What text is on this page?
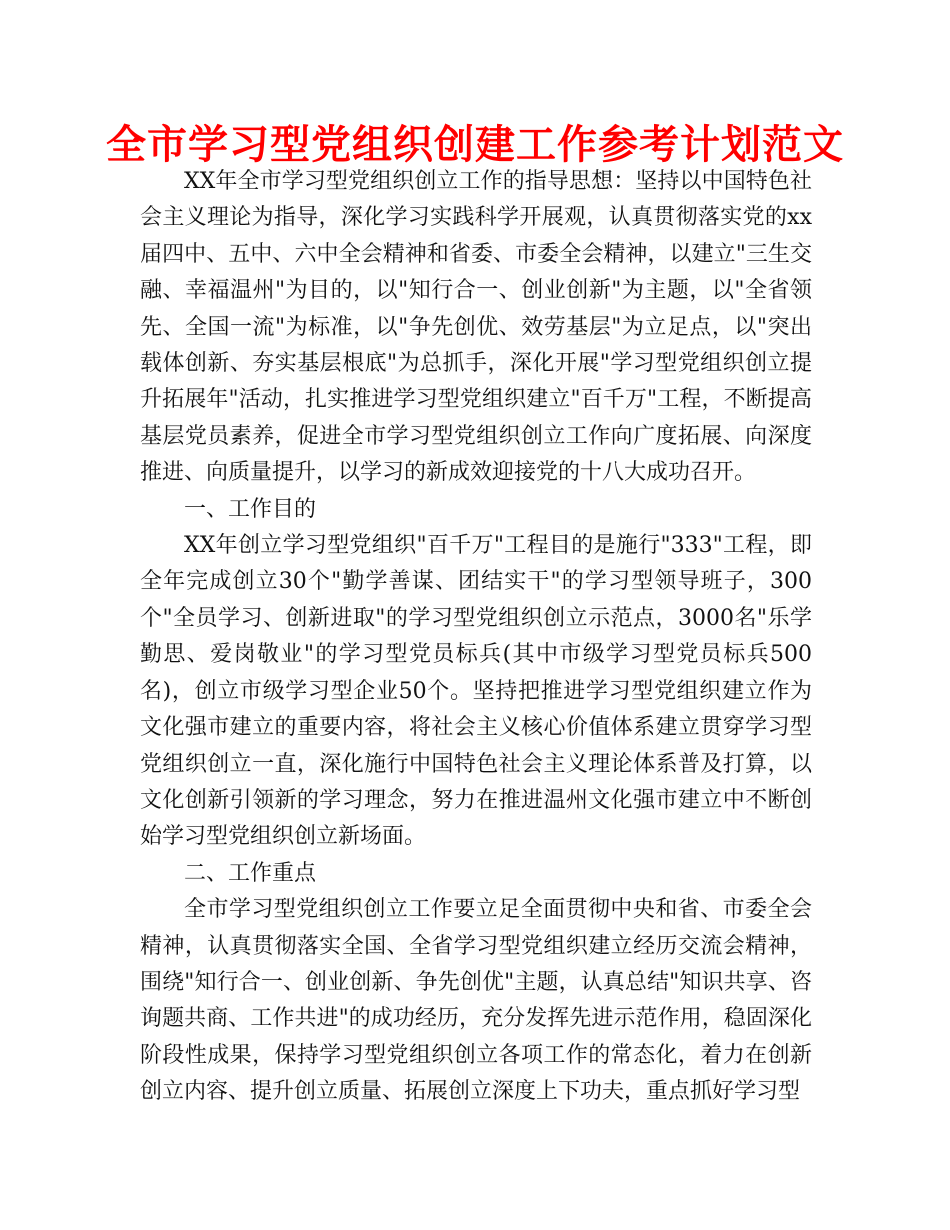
全市学习型党组织创建工作参考计划范文

XX年全市学习型党组织创立工作的指导思想：坚持以中国特色社会主义理论为指导，深化学习实践科学开展观，认真贯彻落实党的xx届四中、五中、六中全会精神和省委、市委全会精神，以建立"三生交融、幸福温州"为目的，以"知行合一、创业创新"为主题，以"全省领先、全国一流"为标准，以"争先创优、效劳基层"为立足点，以"突出载体创新、夯实基层根底"为总抓手，深化开展"学习型党组织创立提升拓展年"活动，扎实推进学习型党组织建立"百千万"工程，不断提高基层党员素养，促进全市学习型党组织创立工作向广度拓展、向深度推进、向质量提升，以学习的新成效迎接党的十八大成功召开。

一、工作目的

XX年创立学习型党组织"百千万"工程目的是施行"333"工程，即全年完成创立30个"勤学善谋、团结实干"的学习型领导班子，300个"全员学习、创新进取"的学习型党组织创立示范点，3000名"乐学勤思、爱岗敬业"的学习型党员标兵(其中市级学习型党员标兵500名)，创立市级学习型企业50个。坚持把推进学习型党组织建立作为文化强市建立的重要内容，将社会主义核心价值体系建立贯穿学习型党组织创立一直，深化施行中国特色社会主义理论体系普及打算，以文化创新引领新的学习理念，努力在推进温州文化强市建立中不断创始学习型党组织创立新场面。

二、工作重点

全市学习型党组织创立工作要立足全面贯彻中央和省、市委全会精神，认真贯彻落实全国、全省学习型党组织建立经历交流会精神，围绕"知行合一、创业创新、争先创优"主题，认真总结"知识共享、咨询题共商、工作共进"的成功经历，充分发挥先进示范作用，稳固深化阶段性成果，保持学习型党组织创立各项工作的常态化，着力在创新创立内容、提升创立质量、拓展创立深度上下功夫，重点抓好学习型
